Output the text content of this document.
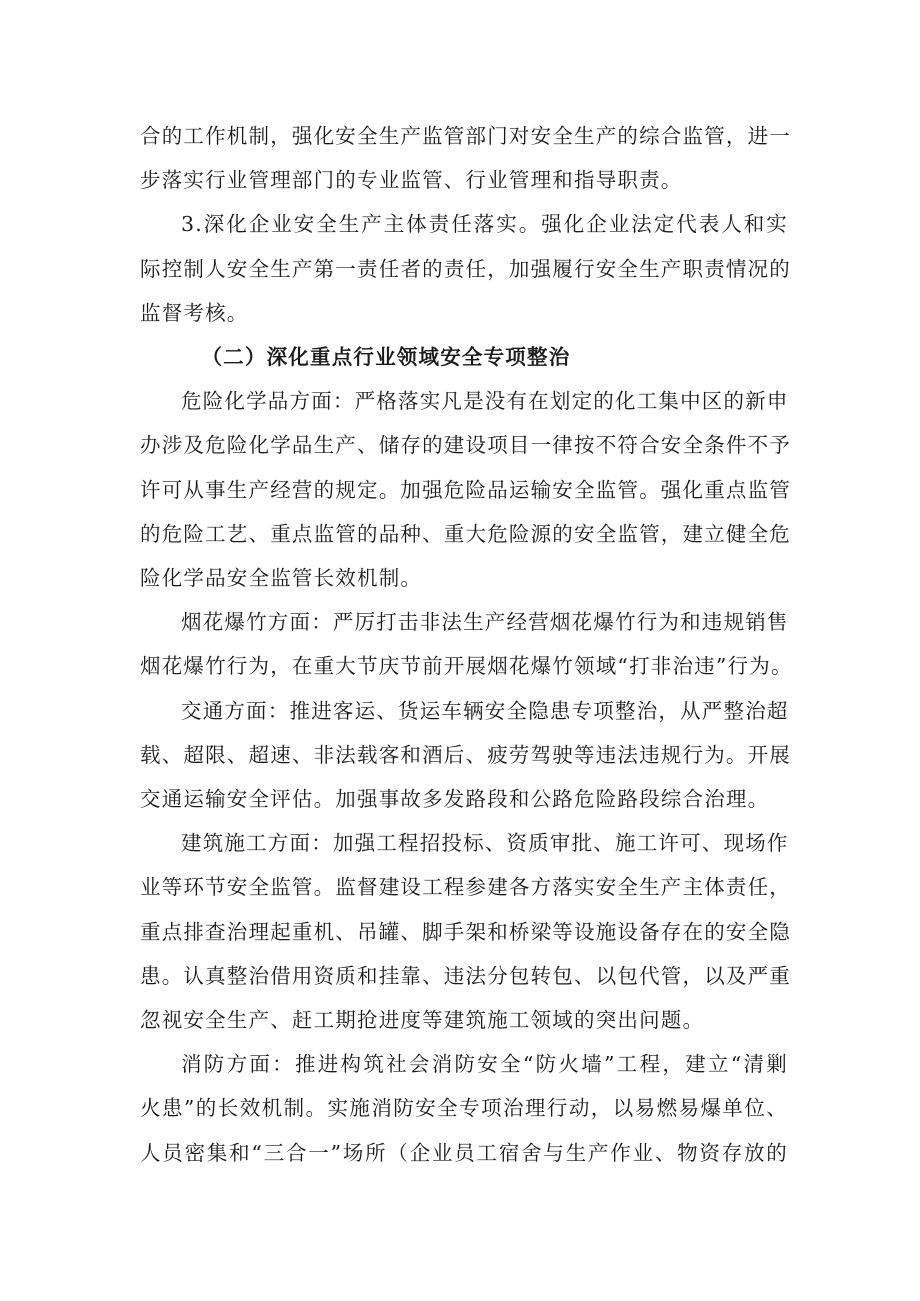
合的工作机制，强化安全生产监管部门对安全生产的综合监管，进一
步落实行业管理部门的专业监管、行业管理和指导职责。

3.深化企业安全生产主体责任落实。强化企业法定代表人和实
际控制人安全生产第一责任者的责任，加强履行安全生产职责情况的
监督考核。

（二）深化重点行业领域安全专项整治

危险化学品方面：严格落实凡是没有在划定的化工集中区的新申
办涉及危险化学品生产、储存的建设项目一律按不符合安全条件不予
许可从事生产经营的规定。加强危险品运输安全监管。强化重点监管
的危险工艺、重点监管的品种、重大危险源的安全监管，建立健全危
险化学品安全监管长效机制。

烟花爆竹方面：严厉打击非法生产经营烟花爆竹行为和违规销售
烟花爆竹行为，在重大节庆节前开展烟花爆竹领域“打非治违”行为。

交通方面：推进客运、货运车辆安全隐患专项整治，从严整治超
载、超限、超速、非法载客和酒后、疲劳驾驶等违法违规行为。开展
交通运输安全评估。加强事故多发路段和公路危险路段综合治理。

建筑施工方面：加强工程招投标、资质审批、施工许可、现场作
业等环节安全监管。监督建设工程参建各方落实安全生产主体责任，
重点排查治理起重机、吊罐、脚手架和桥梁等设施设备存在的安全隐
患。认真整治借用资质和挂靠、违法分包转包、以包代管，以及严重
忽视安全生产、赶工期抢进度等建筑施工领域的突出问题。

消防方面：推进构筑社会消防安全“防火墙”工程，建立“清剿
火患”的长效机制。实施消防安全专项治理行动，以易燃易爆单位、
人员密集和“三合一”场所（企业员工宿舍与生产作业、物资存放的
